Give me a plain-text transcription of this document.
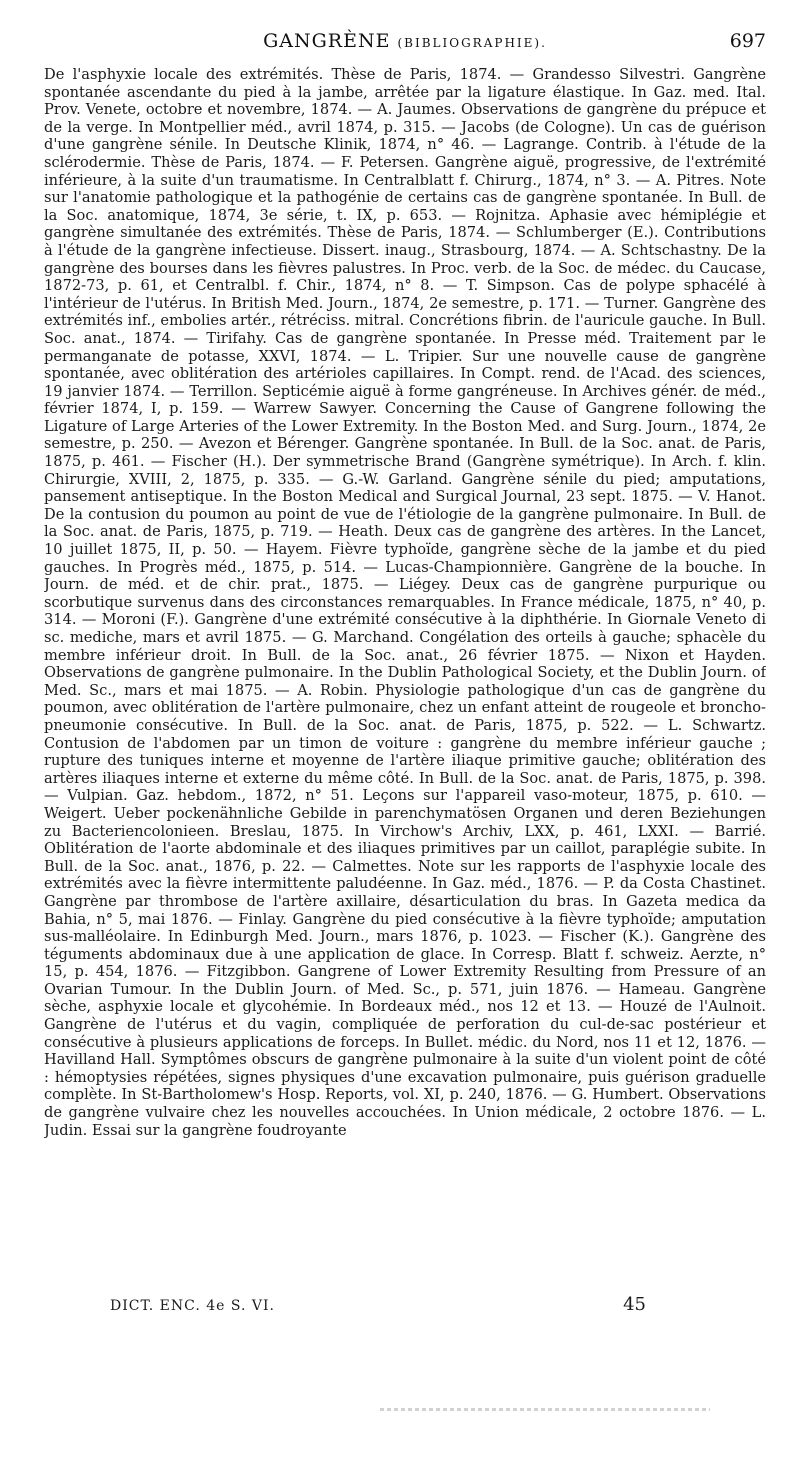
GANGRÈNE (BIBLIOGRAPHIE).	697

De l'asphyxie locale des extrémités. Thèse de Paris, 1874. — Grandesso Silvestri. Gangrène spontanée ascendante du pied à la jambe, arrêtée par la ligature élastique. In Gaz. med. Ital. Prov. Venete, octobre et novembre, 1874. — A. Jaumes. Observations de gangrène du prépuce et de la verge. In Montpellier méd., avril 1874, p. 315. — Jacobs (de Cologne). Un cas de guérison d'une gangrène sénile. In Deutsche Klinik, 1874, n° 46. — Lagrange. Contrib. à l'étude de la sclérodermie. Thèse de Paris, 1874. — F. Petersen. Gangrène aiguë, progressive, de l'extrémité inférieure, à la suite d'un traumatisme. In Centralblatt f. Chirurg., 1874, n° 3. — A. Pitres. Note sur l'anatomie pathologique et la pathogénie de certains cas de gangrène spontanée. In Bull. de la Soc. anatomique, 1874, 3e série, t. IX, p. 653. — Rojnitza. Aphasie avec hémiplégie et gangrène simultanée des extrémités. Thèse de Paris, 1874. — Schlumberger (E.). Contributions à l'étude de la gangrène infectieuse. Dissert. inaug., Strasbourg, 1874. — A. Schtschastny. De la gangrène des bourses dans les fièvres palustres. In Proc. verb. de la Soc. de médec. du Caucase, 1872-73, p. 61, et Centralbl. f. Chir., 1874, n° 8. — T. Simpson. Cas de polype sphacélé à l'intérieur de l'utérus. In British Med. Journ., 1874, 2e semestre, p. 171. — Turner. Gangrène des extrémités inf., embolies artér., rétréciss. mitral. Concrétions fibrin. de l'auricule gauche. In Bull. Soc. anat., 1874. — Tirifahy. Cas de gangrène spontanée. In Presse méd. Traitement par le permanganate de potasse, XXVI, 1874. — L. Tripier. Sur une nouvelle cause de gangrène spontanée, avec oblitération des artérioles capillaires. In Compt. rend. de l'Acad. des sciences, 19 janvier 1874. — Terrillon. Septicémie aiguë à forme gangréneuse. In Archives génér. de méd., février 1874, I, p. 159. — Warrew Sawyer. Concerning the Cause of Gangrene following the Ligature of Large Arteries of the Lower Extremity. In the Boston Med. and Surg. Journ., 1874, 2e semestre, p. 250. — Avezon et Bérenger. Gangrène spontanée. In Bull. de la Soc. anat. de Paris, 1875, p. 461. — Fischer (H.). Der symmetrische Brand (Gangrène symétrique). In Arch. f. klin. Chirurgie, XVIII, 2, 1875, p. 335. — G.-W. Garland. Gangrène sénile du pied; amputations, pansement antiseptique. In the Boston Medical and Surgical Journal, 23 sept. 1875. — V. Hanot. De la contusion du poumon au point de vue de l'étiologie de la gangrène pulmonaire. In Bull. de la Soc. anat. de Paris, 1875, p. 719. — Heath. Deux cas de gangrène des artères. In the Lancet, 10 juillet 1875, II, p. 50. — Hayem. Fièvre typhoïde, gangrène sèche de la jambe et du pied gauches. In Progrès méd., 1875, p. 514. — Lucas-Championnière. Gangrène de la bouche. In Journ. de méd. et de chir. prat., 1875. — Liégey. Deux cas de gangrène purpurique ou scorbutique survenus dans des circonstances remarquables. In France médicale, 1875, n° 40, p. 314. — Moroni (F.). Gangrène d'une extrémité consécutive à la diphthérie. In Giornale Veneto di sc. mediche, mars et avril 1875. — G. Marchand. Congélation des orteils à gauche; sphacèle du membre inférieur droit. In Bull. de la Soc. anat., 26 février 1875. — Nixon et Hayden. Observations de gangrène pulmonaire. In the Dublin Pathological Society, et the Dublin Journ. of Med. Sc., mars et mai 1875. — A. Robin. Physiologie pathologique d'un cas de gangrène du poumon, avec oblitération de l'artère pulmonaire, chez un enfant atteint de rougeole et broncho-pneumonie consécutive. In Bull. de la Soc. anat. de Paris, 1875, p. 522. — L. Schwartz. Contusion de l'abdomen par un timon de voiture : gangrène du membre inférieur gauche ; rupture des tuniques interne et moyenne de l'artère iliaque primitive gauche; oblitération des artères iliaques interne et externe du même côté. In Bull. de la Soc. anat. de Paris, 1875, p. 398. — Vulpian. Gaz. hebdom., 1872, n° 51. Leçons sur l'appareil vaso-moteur, 1875, p. 610. — Weigert. Ueber pockenähnliche Gebilde in parenchymatösen Organen und deren Beziehungen zu Bacteriencolonieen. Breslau, 1875. In Virchow's Archiv, LXX, p. 461, LXXI. — Barrié. Oblitération de l'aorte abdominale et des iliaques primitives par un caillot, paraplégie subite. In Bull. de la Soc. anat., 1876, p. 22. — Calmettes. Note sur les rapports de l'asphyxie locale des extrémités avec la fièvre intermittente paludéenne. In Gaz. méd., 1876. — P. da Costa Chastinet. Gangrène par thrombose de l'artère axillaire, désarticulation du bras. In Gazeta medica da Bahia, n° 5, mai 1876. — Finlay. Gangrène du pied consécutive à la fièvre typhoïde; amputation sus-malléolaire. In Edinburgh Med. Journ., mars 1876, p. 1023. — Fischer (K.). Gangrène des téguments abdominaux due à une application de glace. In Corresp. Blatt f. schweiz. Aerzte, n° 15, p. 454, 1876. — Fitzgibbon. Gangrene of Lower Extremity Resulting from Pressure of an Ovarian Tumour. In the Dublin Journ. of Med. Sc., p. 571, juin 1876. — Hameau. Gangrène sèche, asphyxie locale et glycohémie. In Bordeaux méd., nos 12 et 13. — Houzé de l'Aulnoit. Gangrène de l'utérus et du vagin, compliquée de perforation du cul-de-sac postérieur et consécutive à plusieurs applications de forceps. In Bullet. médic. du Nord, nos 11 et 12, 1876. — Havilland Hall. Symptômes obscurs de gangrène pulmonaire à la suite d'un violent point de côté : hémoptysies répétées, signes physiques d'une excavation pulmonaire, puis guérison graduelle complète. In St-Bartholomew's Hosp. Reports, vol. XI, p. 240, 1876. — G. Humbert. Observations de gangrène vulvaire chez les nouvelles accouchées. In Union médicale, 2 octobre 1876. — L. Judin. Essai sur la gangrène foudroyante

DICT. ENC. 4e S. VI.	45
